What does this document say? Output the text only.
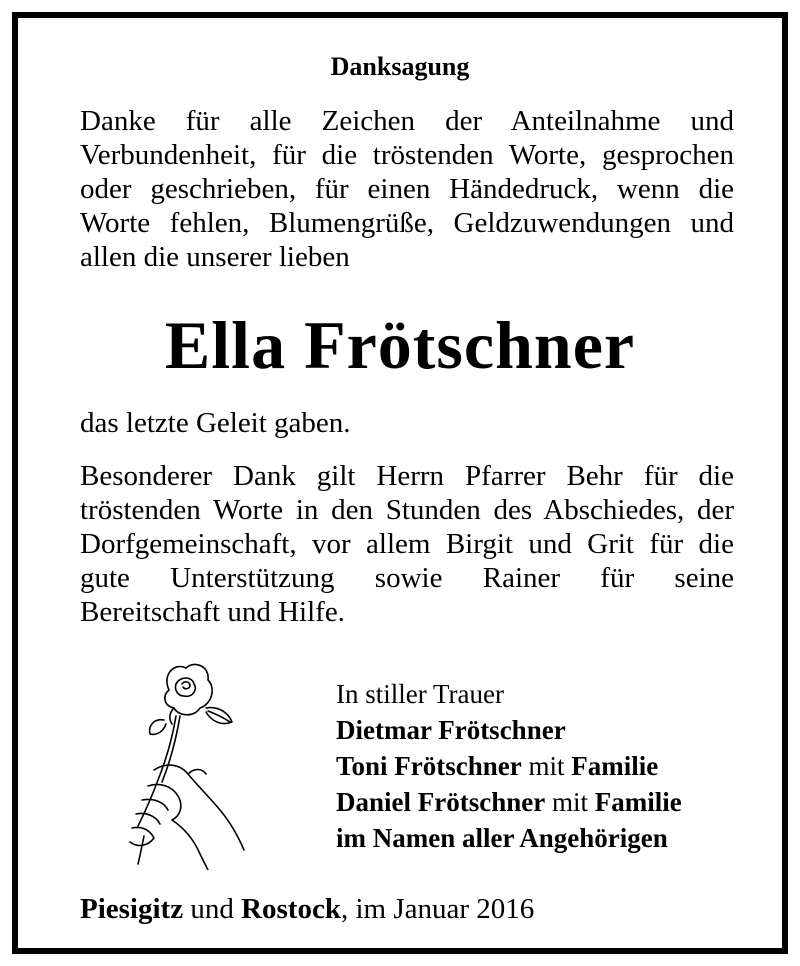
Danksagung
Danke für alle Zeichen der Anteilnahme und
Verbundenheit, für die tröstenden Worte, gesprochen
oder geschrieben, für einen Händedruck, wenn die
Worte fehlen, Blumengrüße, Geldzuwendungen und
allen die unserer lieben
Ella Frötschner
das letzte Geleit gaben.
Besonderer Dank gilt Herrn Pfarrer Behr für die
tröstenden Worte in den Stunden des Abschiedes, der
Dorfgemeinschaft, vor allem Birgit und Grit für die
gute Unterstützung sowie Rainer für seine
Bereitschaft und Hilfe.
In stiller Trauer
Dietmar Frötschner
Toni Frötschner mit Familie
Daniel Frötschner mit Familie
im Namen aller Angehörigen
Piesigitz und Rostock, im Januar 2016
